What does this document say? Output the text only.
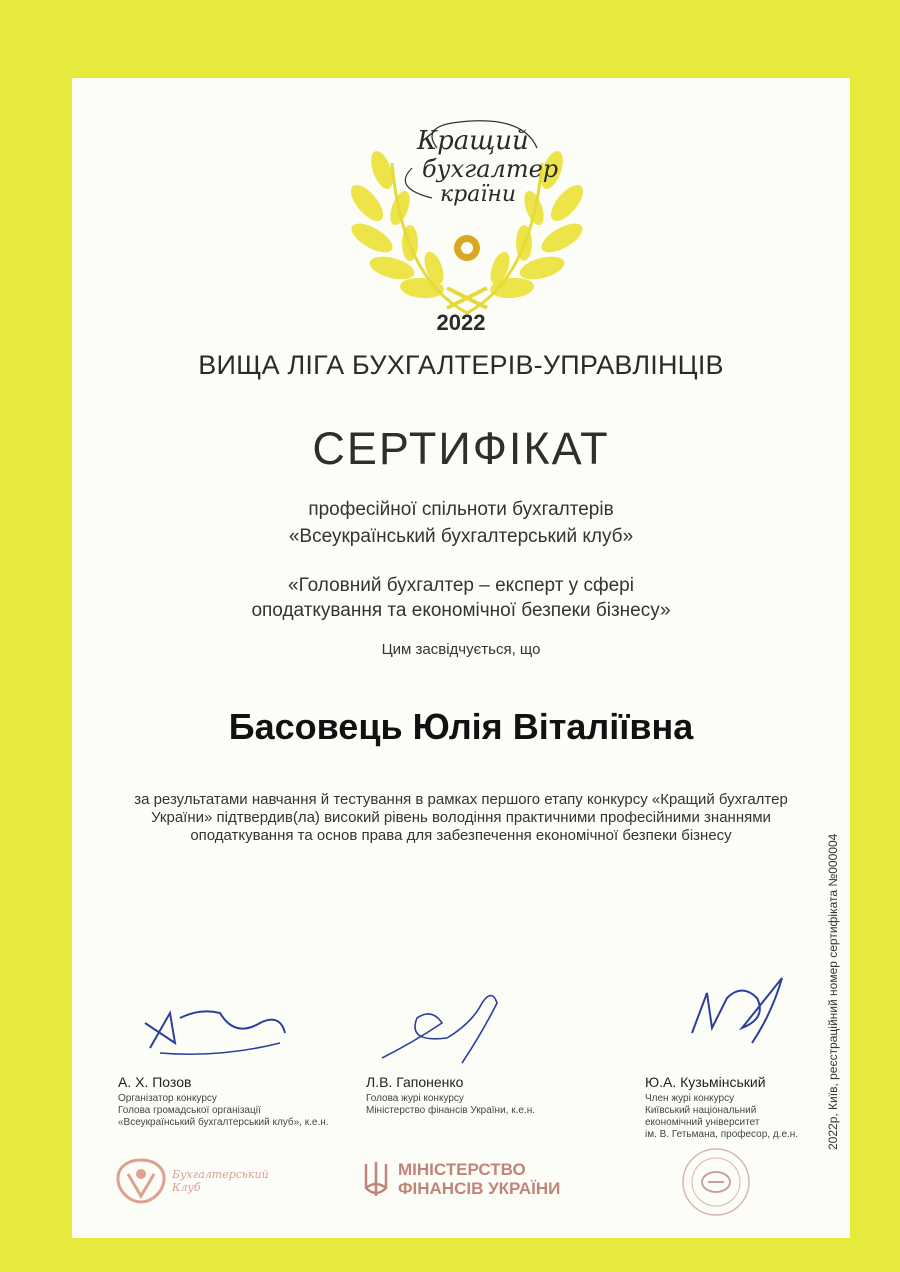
Кращий
бухгалтер
країни
2022
ВИЩА ЛІГА БУХГАЛТЕРІВ-УПРАВЛІНЦІВ
СЕРТИФІКАТ
професійної спільноти бухгалтерів
«Всеукраїнський бухгалтерський клуб»
«Головний бухгалтер – експерт у сфері
оподаткування та економічної безпеки бізнесу»
Цим засвідчується, що
Басовець Юлія Віталіївна
за результатами навчання й тестування в рамках першого етапу конкурсу «Кращий бухгалтер
України» підтвердив(ла) високий рівень володіння практичними професійними знаннями
оподаткування та основ права для забезпечення економічної безпеки бізнесу
А. Х. Позов
Організатор конкурсу
Голова громадської організації
«Всеукраїнський бухгалтерський клуб», к.е.н.
Л.В. Гапоненко
Голова журі конкурсу
Міністерство фінансів України, к.е.н.
Ю.А. Кузьмінський
Член журі конкурсу
Київський національний
економічний університет
ім. В. Гетьмана, професор, д.е.н.
Бухгалтерський Клуб
МІНІСТЕРСТВО
ФІНАНСІВ УКРАЇНИ
2022р, Київ, реєстраційний номер сертифіката №000004
